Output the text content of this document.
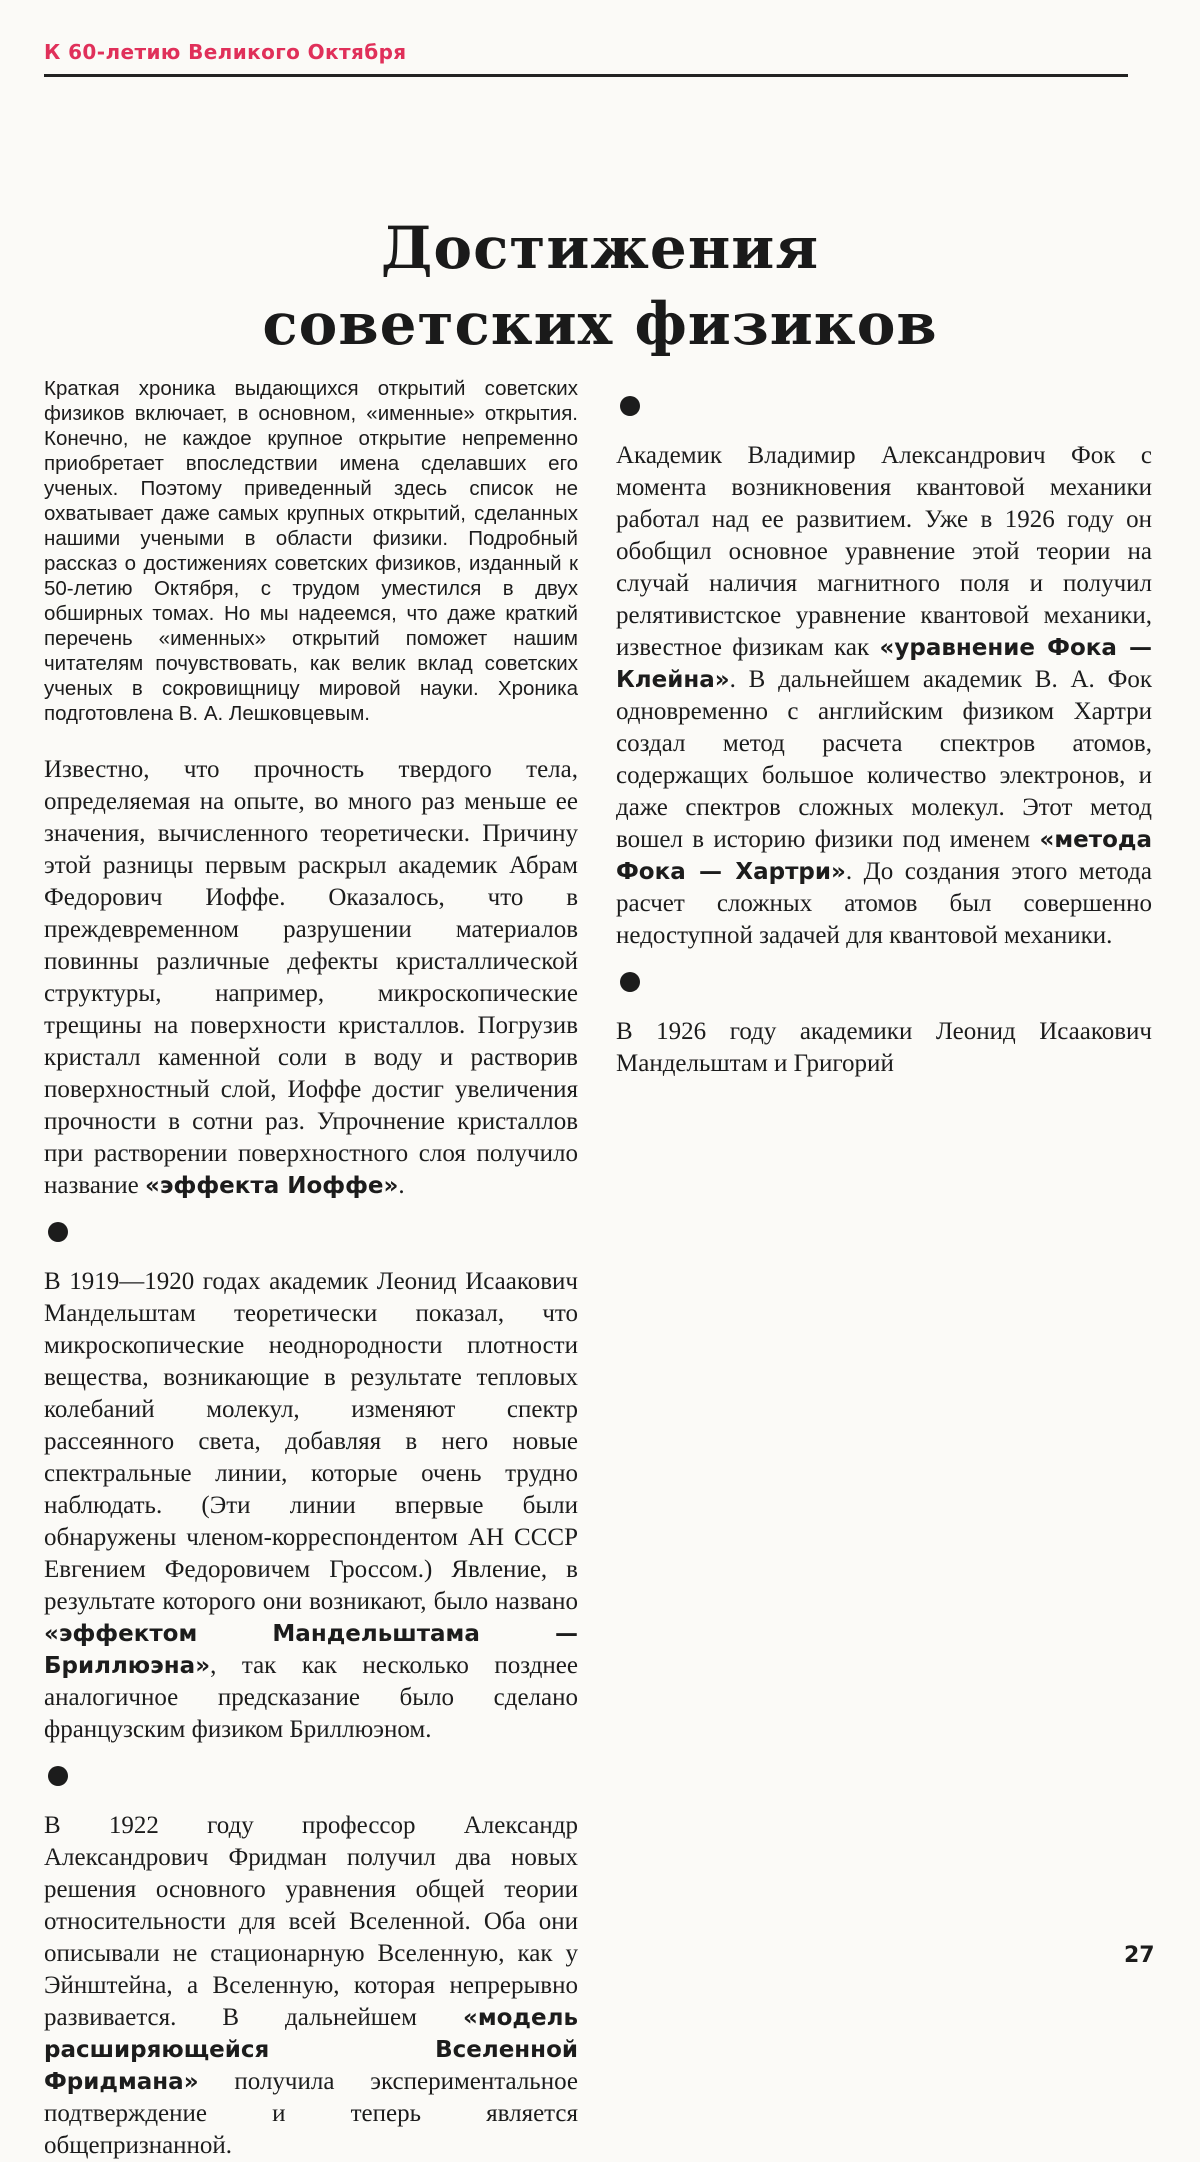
К 60-летию Великого Октября
Достижения
советских физиков

Краткая хроника выдающихся открытий советских физиков включает, в основном, «именные» открытия. Конечно, не каждое крупное открытие непременно приобретает впоследствии имена сделавших его ученых. Поэтому приведенный здесь список не охватывает даже самых крупных открытий, сделанных нашими учеными в области физики. Подробный рассказ о достижениях советских физиков, изданный к 50-летию Октября, с трудом уместился в двух обширных томах. Но мы надеемся, что даже краткий перечень «именных» открытий поможет нашим читателям почувствовать, как велик вклад советских ученых в сокровищницу мировой науки. Хроника подготовлена В. А. Лешковцевым.

Известно, что прочность твердого тела, определяемая на опыте, во много раз меньше ее значения, вычисленного теоретически. Причину этой разницы первым раскрыл академик Абрам Федорович Иоффе. Оказалось, что в преждевременном разрушении материалов повинны различные дефекты кристаллической структуры, например, микроскопические трещины на поверхности кристаллов. Погрузив кристалл каменной соли в воду и растворив поверхностный слой, Иоффе достиг увеличения прочности в сотни раз. Упрочнение кристаллов при растворении поверхностного слоя получило название «эффекта Иоффе».

В 1919—1920 годах академик Леонид Исаакович Мандельштам теоретически показал, что микроскопические неоднородности плотности вещества, возникающие в результате тепловых колебаний молекул, изменяют спектр рассеянного света, добавляя в него новые спектральные линии, которые очень трудно наблюдать. (Эти линии впервые были обнаружены членом-корреспондентом АН СССР Евгением Федоровичем Гроссом.) Явление, в результате которого они возникают, было названо «эффектом Мандельштама — Бриллюэна», так как несколько позднее аналогичное предсказание было сделано французским физиком Бриллюэном.

В 1922 году профессор Александр Александрович Фридман получил два новых решения основного уравнения общей теории относительности для всей Вселенной. Оба они описывали не стационарную Вселенную, как у Эйнштейна, а Вселенную, которая непрерывно развивается. В дальнейшем «модель расширяющейся Вселенной Фридмана» получила экспериментальное подтверждение и теперь является общепризнанной.

Академик Владимир Александрович Фок с момента возникновения квантовой механики работал над ее развитием. Уже в 1926 году он обобщил основное уравнение этой теории на случай наличия магнитного поля и получил релятивистское уравнение квантовой механики, известное физикам как «уравнение Фока — Клейна». В дальнейшем академик В. А. Фок одновременно с английским физиком Хартри создал метод расчета спектров атомов, содержащих большое количество электронов, и даже спектров сложных молекул. Этот метод вошел в историю физики под именем «метода Фока — Хартри». До создания этого метода расчет сложных атомов был совершенно недоступной задачей для квантовой механики.

В 1926 году академики Леонид Исаакович Мандельштам и Григорий

27
